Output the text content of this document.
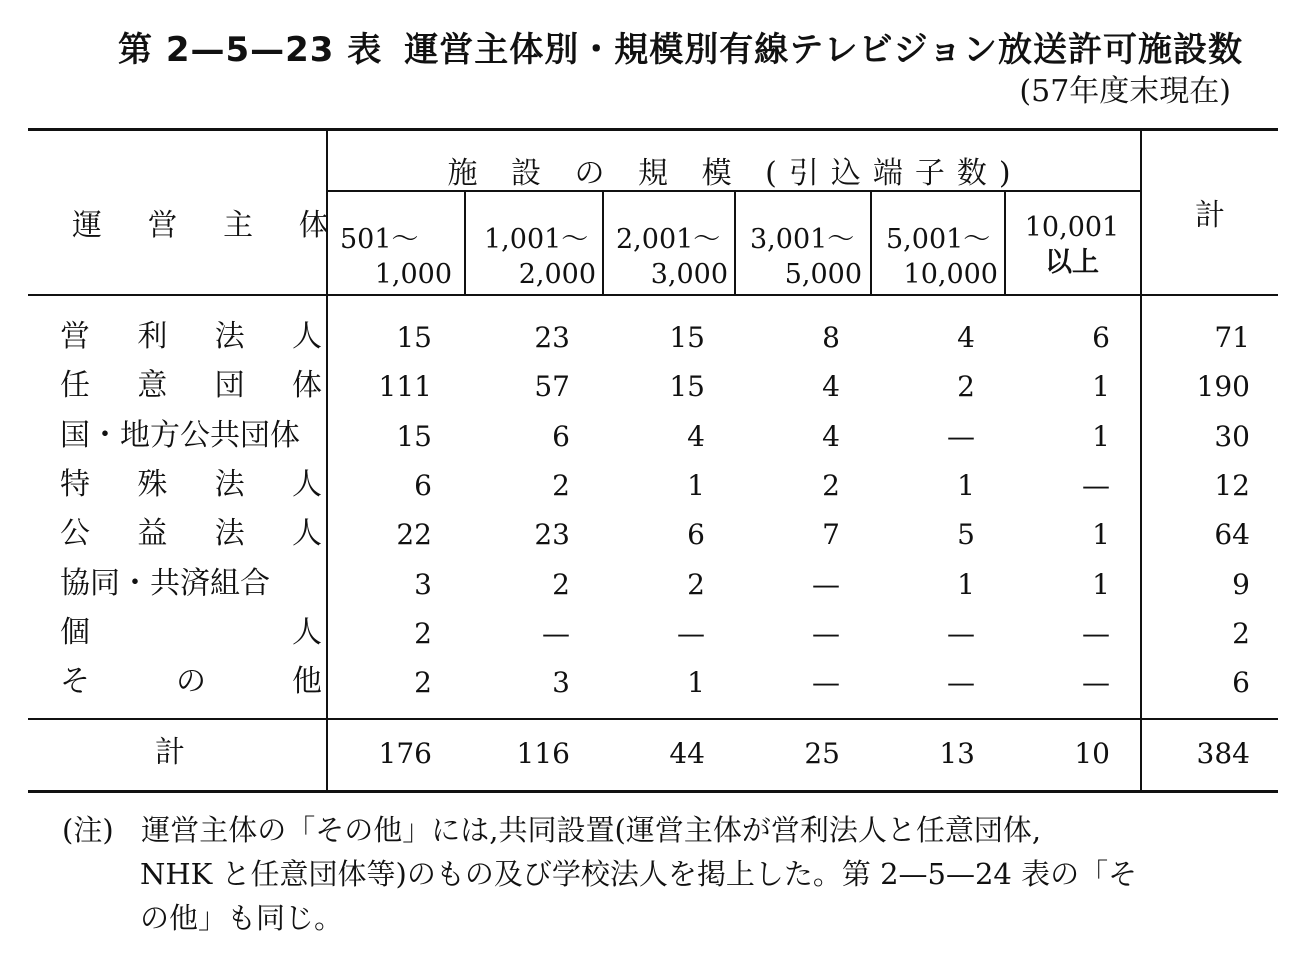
第 2—5—23 表 運営主体別・規模別有線テレビジョン放送許可施設数
(57年度末現在)
運 営 主 体
施 設 の 規 模 (引込端子数)
計
501～
1,000
1,001～
2,000
2,001～
3,000
3,001～
5,000
5,001～
10,000
10,001
以上
営利法人	15	23	15	8	4	6	71
任意団体	111	57	15	4	2	1	190
国・地方公共団体	15	6	4	4	—	1	30
特殊法人	6	2	1	2	1	—	12
公益法人	22	23	6	7	5	1	64
協同・共済組合	3	2	2	—	1	1	9
個人	2	—	—	—	—	—	2
その他	2	3	1	—	—	—	6
計	176	116	44	25	13	10	384
(注) 運営主体の「その他」には,共同設置(運営主体が営利法人と任意団体,
NHK と任意団体等)のもの及び学校法人を掲上した。第 2—5—24 表の「そ
の他」も同じ。
